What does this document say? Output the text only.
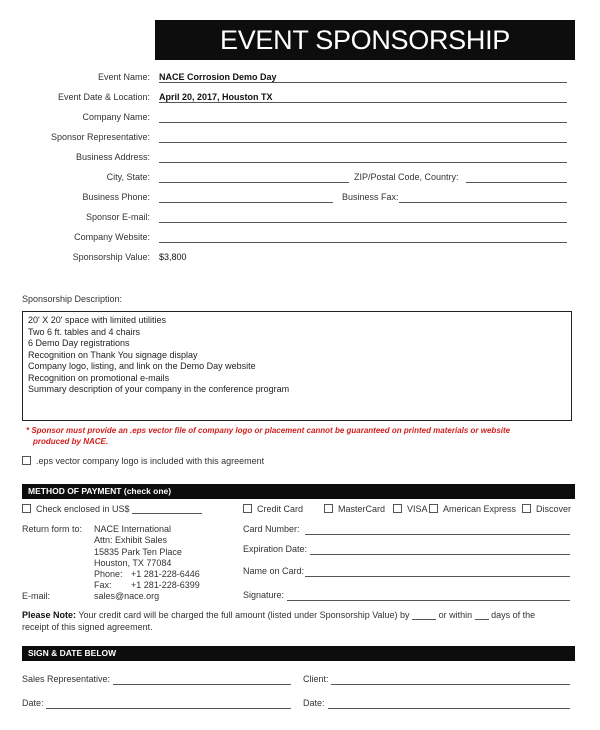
EVENT SPONSORSHIP AGREEMENT
Event Name: NACE Corrosion Demo Day
Event Date & Location: April 20, 2017, Houston TX
Company Name:
Sponsor Representative:
Business Address:
City, State:	ZIP/Postal Code, Country:
Business Phone:	Business Fax:
Sponsor E-mail:
Company Website:
Sponsorship Value: $3,800
Sponsorship Description:
20' X 20' space with limited utilities
Two 6 ft. tables and 4 chairs
6 Demo Day registrations
Recognition on Thank You signage display
Company logo, listing, and link on the Demo Day website
Recognition on promotional e-mails
Summary description of your company in the conference program
* Sponsor must provide an .eps vector file of company logo or placement cannot be guaranteed on printed materials or website
produced by NACE.
.eps vector company logo is included with this agreement
METHOD OF PAYMENT (check one)
Check enclosed in US$	Credit Card	MasterCard	VISA	American Express	Discover
Return form to: NACE International
Attn: Exhibit Sales
15835 Park Ten Place
Houston, TX 77084
Phone: +1 281-228-6446
Fax: +1 281-228-6399
E-mail:	sales@nace.org
Card Number:
Expiration Date:
Name on Card:
Signature:
Please Note: Your credit card will be charged the full amount (listed under Sponsorship Value) by	or within days of the
receipt of this signed agreement.
SIGN & DATE BELOW
Sales Representative:	Client:
Date:	Date:
